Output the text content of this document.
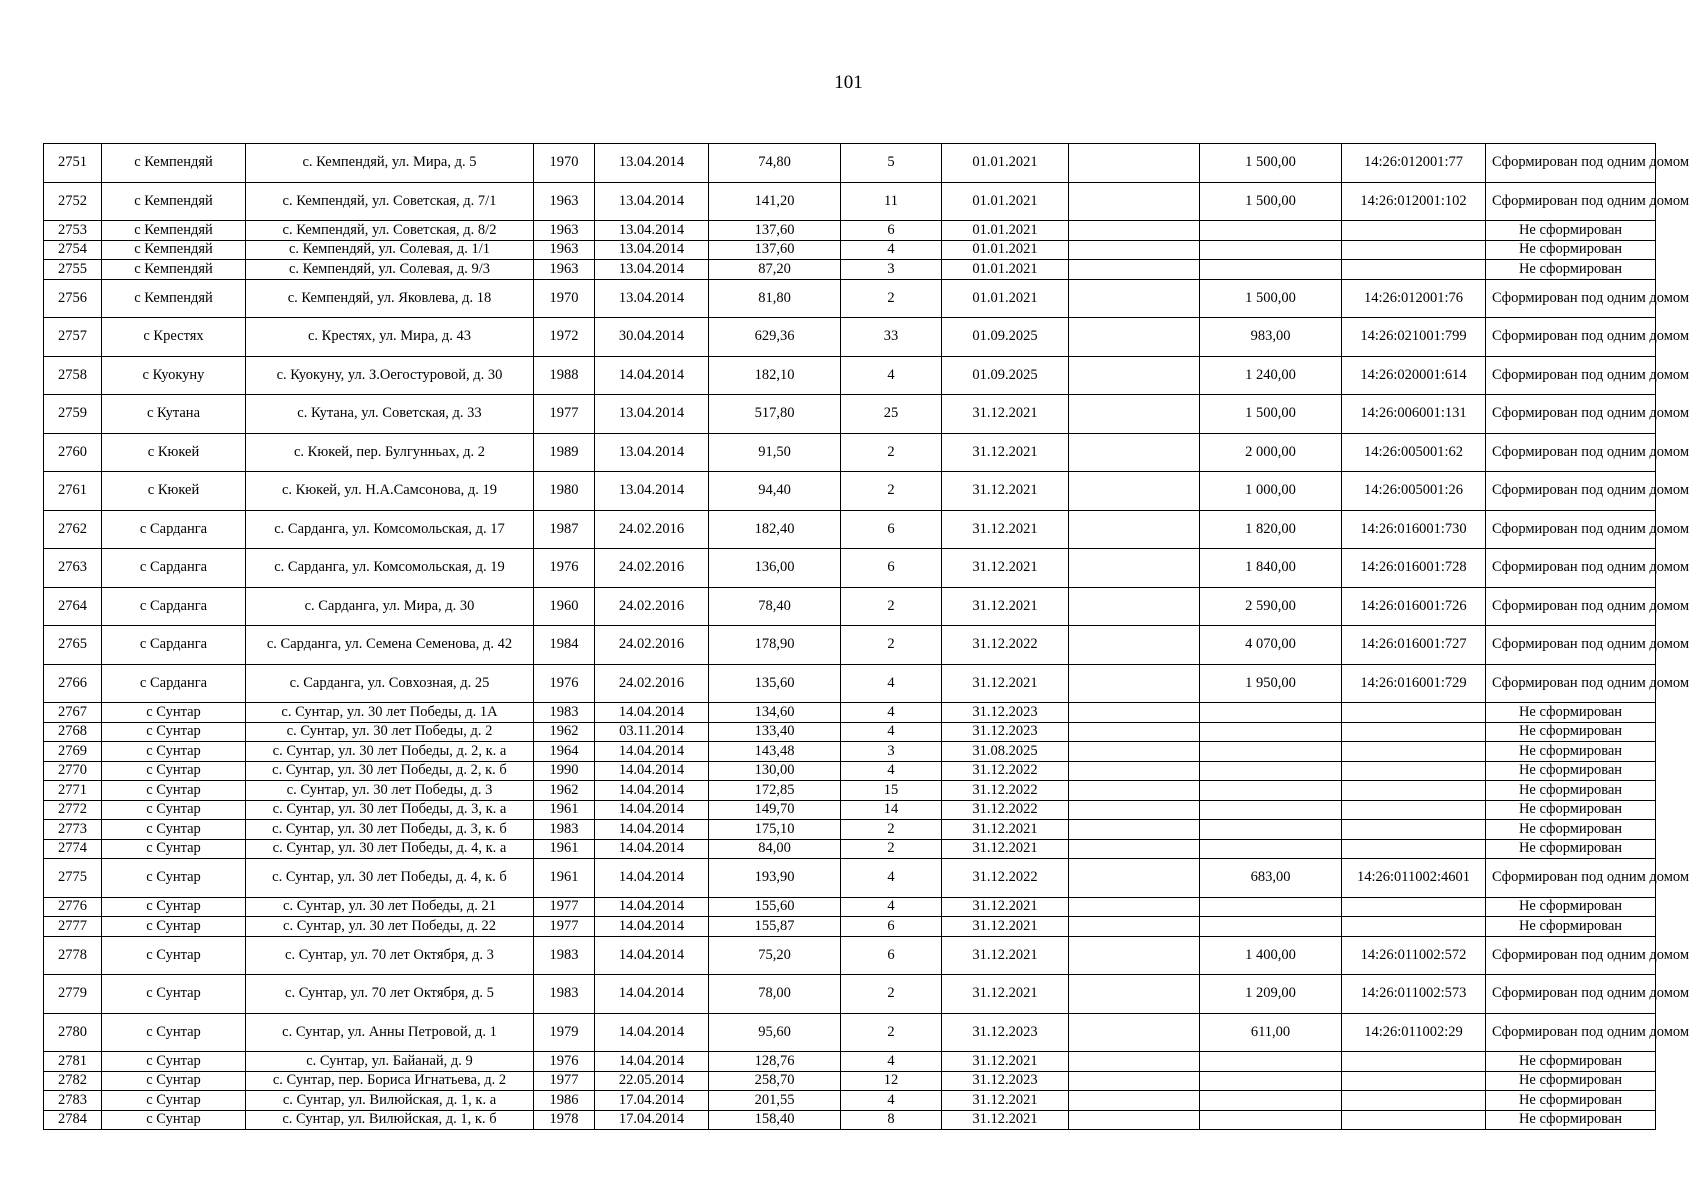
101
2751	с Кемпендяй	с. Кемпендяй, ул. Мира, д. 5	1970	13.04.2014	74,80	5	01.01.2021		1 500,00	14:26:012001:77	Сформирован под одним домом
2752	с Кемпендяй	с. Кемпендяй, ул. Советская, д. 7/1	1963	13.04.2014	141,20	11	01.01.2021		1 500,00	14:26:012001:102	Сформирован под одним домом
2753	с Кемпендяй	с. Кемпендяй, ул. Советская, д. 8/2	1963	13.04.2014	137,60	6	01.01.2021				Не сформирован
2754	с Кемпендяй	с. Кемпендяй, ул. Солевая, д. 1/1	1963	13.04.2014	137,60	4	01.01.2021				Не сформирован
2755	с Кемпендяй	с. Кемпендяй, ул. Солевая, д. 9/3	1963	13.04.2014	87,20	3	01.01.2021				Не сформирован
2756	с Кемпендяй	с. Кемпендяй, ул. Яковлева, д. 18	1970	13.04.2014	81,80	2	01.01.2021		1 500,00	14:26:012001:76	Сформирован под одним домом
2757	с Крестях	с. Крестях, ул. Мира, д. 43	1972	30.04.2014	629,36	33	01.09.2025		983,00	14:26:021001:799	Сформирован под одним домом
2758	с Куокуну	с. Куокуну, ул. З.Оегостуровой, д. 30	1988	14.04.2014	182,10	4	01.09.2025		1 240,00	14:26:020001:614	Сформирован под одним домом
2759	с Кутана	с. Кутана, ул. Советская, д. 33	1977	13.04.2014	517,80	25	31.12.2021		1 500,00	14:26:006001:131	Сформирован под одним домом
2760	с Кюкей	с. Кюкей, пер. Булгунньах, д. 2	1989	13.04.2014	91,50	2	31.12.2021		2 000,00	14:26:005001:62	Сформирован под одним домом
2761	с Кюкей	с. Кюкей, ул. Н.А.Самсонова, д. 19	1980	13.04.2014	94,40	2	31.12.2021		1 000,00	14:26:005001:26	Сформирован под одним домом
2762	с Сарданга	с. Сарданга, ул. Комсомольская, д. 17	1987	24.02.2016	182,40	6	31.12.2021		1 820,00	14:26:016001:730	Сформирован под одним домом
2763	с Сарданга	с. Сарданга, ул. Комсомольская, д. 19	1976	24.02.2016	136,00	6	31.12.2021		1 840,00	14:26:016001:728	Сформирован под одним домом
2764	с Сарданга	с. Сарданга, ул. Мира, д. 30	1960	24.02.2016	78,40	2	31.12.2021		2 590,00	14:26:016001:726	Сформирован под одним домом
2765	с Сарданга	с. Сарданга, ул. Семена Семенова, д. 42	1984	24.02.2016	178,90	2	31.12.2022		4 070,00	14:26:016001:727	Сформирован под одним домом
2766	с Сарданга	с. Сарданга, ул. Совхозная, д. 25	1976	24.02.2016	135,60	4	31.12.2021		1 950,00	14:26:016001:729	Сформирован под одним домом
2767	с Сунтар	с. Сунтар, ул. 30 лет Победы, д. 1А	1983	14.04.2014	134,60	4	31.12.2023				Не сформирован
2768	с Сунтар	с. Сунтар, ул. 30 лет Победы, д. 2	1962	03.11.2014	133,40	4	31.12.2023				Не сформирован
2769	с Сунтар	с. Сунтар, ул. 30 лет Победы, д. 2, к. а	1964	14.04.2014	143,48	3	31.08.2025				Не сформирован
2770	с Сунтар	с. Сунтар, ул. 30 лет Победы, д. 2, к. б	1990	14.04.2014	130,00	4	31.12.2022				Не сформирован
2771	с Сунтар	с. Сунтар, ул. 30 лет Победы, д. 3	1962	14.04.2014	172,85	15	31.12.2022				Не сформирован
2772	с Сунтар	с. Сунтар, ул. 30 лет Победы, д. 3, к. а	1961	14.04.2014	149,70	14	31.12.2022				Не сформирован
2773	с Сунтар	с. Сунтар, ул. 30 лет Победы, д. 3, к. б	1983	14.04.2014	175,10	2	31.12.2021				Не сформирован
2774	с Сунтар	с. Сунтар, ул. 30 лет Победы, д. 4, к. а	1961	14.04.2014	84,00	2	31.12.2021				Не сформирован
2775	с Сунтар	с. Сунтар, ул. 30 лет Победы, д. 4, к. б	1961	14.04.2014	193,90	4	31.12.2022		683,00	14:26:011002:4601	Сформирован под одним домом
2776	с Сунтар	с. Сунтар, ул. 30 лет Победы, д. 21	1977	14.04.2014	155,60	4	31.12.2021				Не сформирован
2777	с Сунтар	с. Сунтар, ул. 30 лет Победы, д. 22	1977	14.04.2014	155,87	6	31.12.2021				Не сформирован
2778	с Сунтар	с. Сунтар, ул. 70 лет Октября, д. 3	1983	14.04.2014	75,20	6	31.12.2021		1 400,00	14:26:011002:572	Сформирован под одним домом
2779	с Сунтар	с. Сунтар, ул. 70 лет Октября, д. 5	1983	14.04.2014	78,00	2	31.12.2021		1 209,00	14:26:011002:573	Сформирован под одним домом
2780	с Сунтар	с. Сунтар, ул. Анны Петровой, д. 1	1979	14.04.2014	95,60	2	31.12.2023		611,00	14:26:011002:29	Сформирован под одним домом
2781	с Сунтар	с. Сунтар, ул. Байанай, д. 9	1976	14.04.2014	128,76	4	31.12.2021				Не сформирован
2782	с Сунтар	с. Сунтар, пер. Бориса Игнатьева, д. 2	1977	22.05.2014	258,70	12	31.12.2023				Не сформирован
2783	с Сунтар	с. Сунтар, ул. Вилюйская, д. 1, к. а	1986	17.04.2014	201,55	4	31.12.2021				Не сформирован
2784	с Сунтар	с. Сунтар, ул. Вилюйская, д. 1, к. б	1978	17.04.2014	158,40	8	31.12.2021				Не сформирован
